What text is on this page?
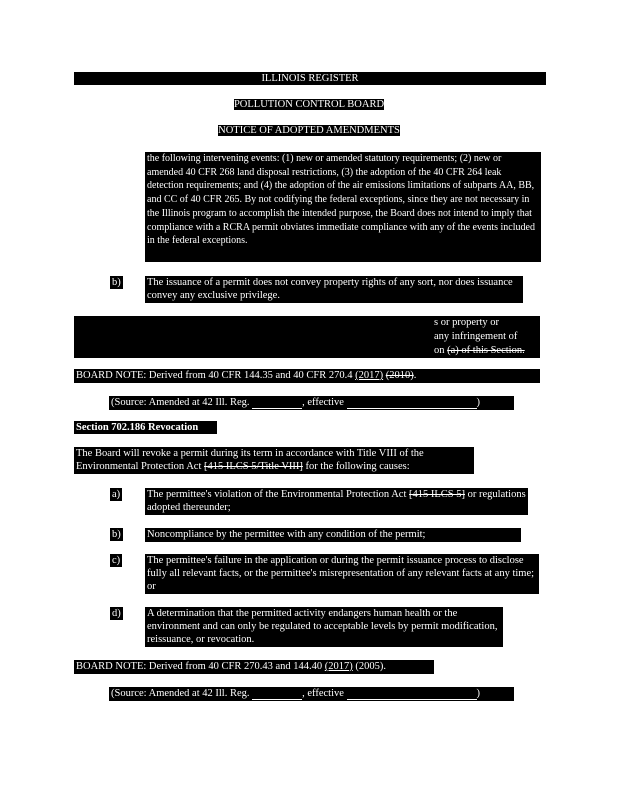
ILLINOIS REGISTER
POLLUTION CONTROL BOARD
NOTICE OF ADOPTED AMENDMENTS
the following intervening events: (1) new or amended statutory requirements; (2) new or amended 40 CFR 268 land disposal restrictions, (3) the adoption of the 40 CFR 264 leak detection requirements; and (4) the adoption of the air emissions limitations of subparts AA, BB, and CC of 40 CFR 265. By not codifying the federal exceptions, since they are not necessary in the Illinois program to accomplish the intended purpose, the Board does not intend to imply that compliance with a RCRA permit obviates immediate compliance with any of the events included in the federal exceptions.
b)	The issuance of a permit does not convey property rights of any sort, nor does issuance convey any exclusive privilege.
s or property or
any infringement of
on (a) of this Section.
BOARD NOTE: Derived from 40 CFR 144.35 and 40 CFR 270.4 (2017) (2010).
(Source: Amended at 42 Ill. Reg.	, effective	)
Section 702.186 Revocation
The Board will revoke a permit during its term in accordance with Title VIII of the
Environmental Protection Act [415 ILCS 5/Title VIII] for the following causes:
a)	The permittee's violation of the Environmental Protection Act [415 ILCS 5] or regulations adopted thereunder;
b)	Noncompliance by the permittee with any condition of the permit;
c)	The permittee's failure in the application or during the permit issuance process to disclose fully all relevant facts, or the permittee's misrepresentation of any relevant facts at any time; or
d)	A determination that the permitted activity endangers human health or the environment and can only be regulated to acceptable levels by permit modification, reissuance, or revocation.
BOARD NOTE: Derived from 40 CFR 270.43 and 144.40 (2017) (2005).
(Source: Amended at 42 Ill. Reg.	, effective	)
